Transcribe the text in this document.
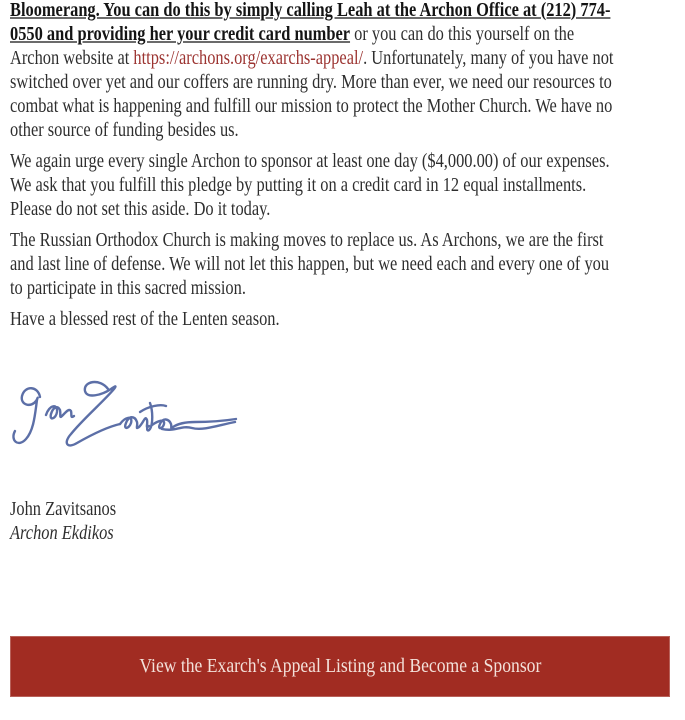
Bloomerang. You can do this by simply calling Leah at the Archon Office at (212) 774-
0550 and providing her your credit card number or you can do this yourself on the
Archon website at https://archons.org/exarchs-appeal/. Unfortunately, many of you have not
switched over yet and our coffers are running dry. More than ever, we need our resources to
combat what is happening and fulfill our mission to protect the Mother Church. We have no
other source of funding besides us.
We again urge every single Archon to sponsor at least one day ($4,000.00) of our expenses.
We ask that you fulfill this pledge by putting it on a credit card in 12 equal installments.
Please do not set this aside. Do it today.
The Russian Orthodox Church is making moves to replace us. As Archons, we are the first
and last line of defense. We will not let this happen, but we need each and every one of you
to participate in this sacred mission.
Have a blessed rest of the Lenten season.
John Zavitsanos
Archon Ekdikos
View the Exarch's Appeal Listing and Become a Sponsor
